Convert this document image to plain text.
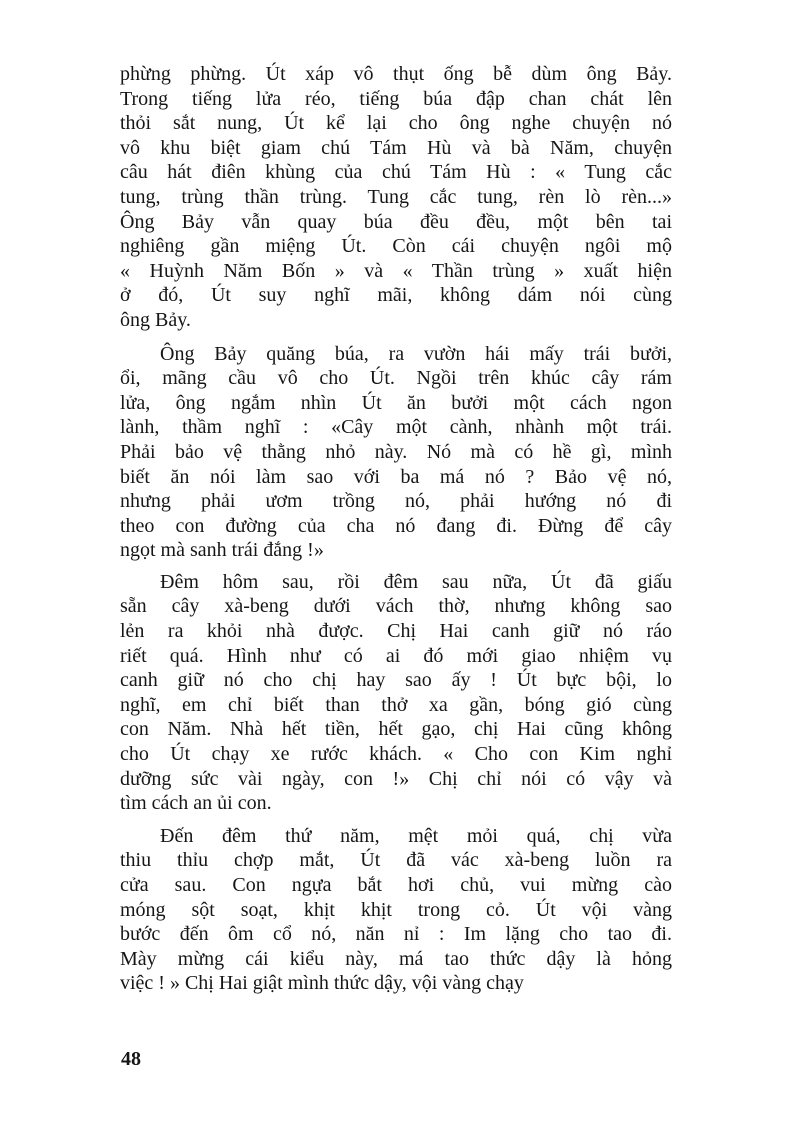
phừng phừng. Út xáp vô thụt ống bễ dùm ông Bảy.
Trong tiếng lửa réo, tiếng búa đập chan chát lên
thỏi sắt nung, Út kể lại cho ông nghe chuyện nó
vô khu biệt giam chú Tám Hù và bà Năm, chuyện
câu hát điên khùng của chú Tám Hù : « Tung cắc
tung, trùng thần trùng. Tung cắc tung, rèn lò rèn...»
Ông Bảy vẫn quay búa đều đều, một bên tai
nghiêng gần miệng Út. Còn cái chuyện ngôi mộ
« Huỳnh Năm Bốn » và « Thần trùng » xuất hiện
ở đó, Út suy nghĩ mãi, không dám nói cùng
ông Bảy.
Ông Bảy quăng búa, ra vườn hái mấy trái bưởi,
ổi, mãng cầu vô cho Út. Ngồi trên khúc cây rám
lửa, ông ngắm nhìn Út ăn bưởi một cách ngon
lành, thầm nghĩ : «Cây một cành, nhành một trái.
Phải bảo vệ thằng nhỏ này. Nó mà có hề gì, mình
biết ăn nói làm sao với ba má nó ? Bảo vệ nó,
nhưng phải ươm trồng nó, phải hướng nó đi
theo con đường của cha nó đang đi. Đừng để cây
ngọt mà sanh trái đắng !»
Đêm hôm sau, rồi đêm sau nữa, Út đã giấu
sẵn cây xà-beng dưới vách thờ, nhưng không sao
lẻn ra khỏi nhà được. Chị Hai canh giữ nó ráo
riết quá. Hình như có ai đó mới giao nhiệm vụ
canh giữ nó cho chị hay sao ấy ! Út bực bội, lo
nghĩ, em chỉ biết than thở xa gần, bóng gió cùng
con Năm. Nhà hết tiền, hết gạo, chị Hai cũng không
cho Út chạy xe rước khách. « Cho con Kim nghỉ
dưỡng sức vài ngày, con !» Chị chỉ nói có vậy và
tìm cách an ủi con.
Đến đêm thứ năm, mệt mỏi quá, chị vừa
thiu thỉu chợp mắt, Út đã vác xà-beng luồn ra
cửa sau. Con ngựa bắt hơi chủ, vui mừng cào
móng sột soạt, khịt khịt trong cỏ. Út vội vàng
bước đến ôm cổ nó, năn nỉ : Im lặng cho tao đi.
Mày mừng cái kiểu này, má tao thức dậy là hỏng
việc ! » Chị Hai giật mình thức dậy, vội vàng chạy
48
